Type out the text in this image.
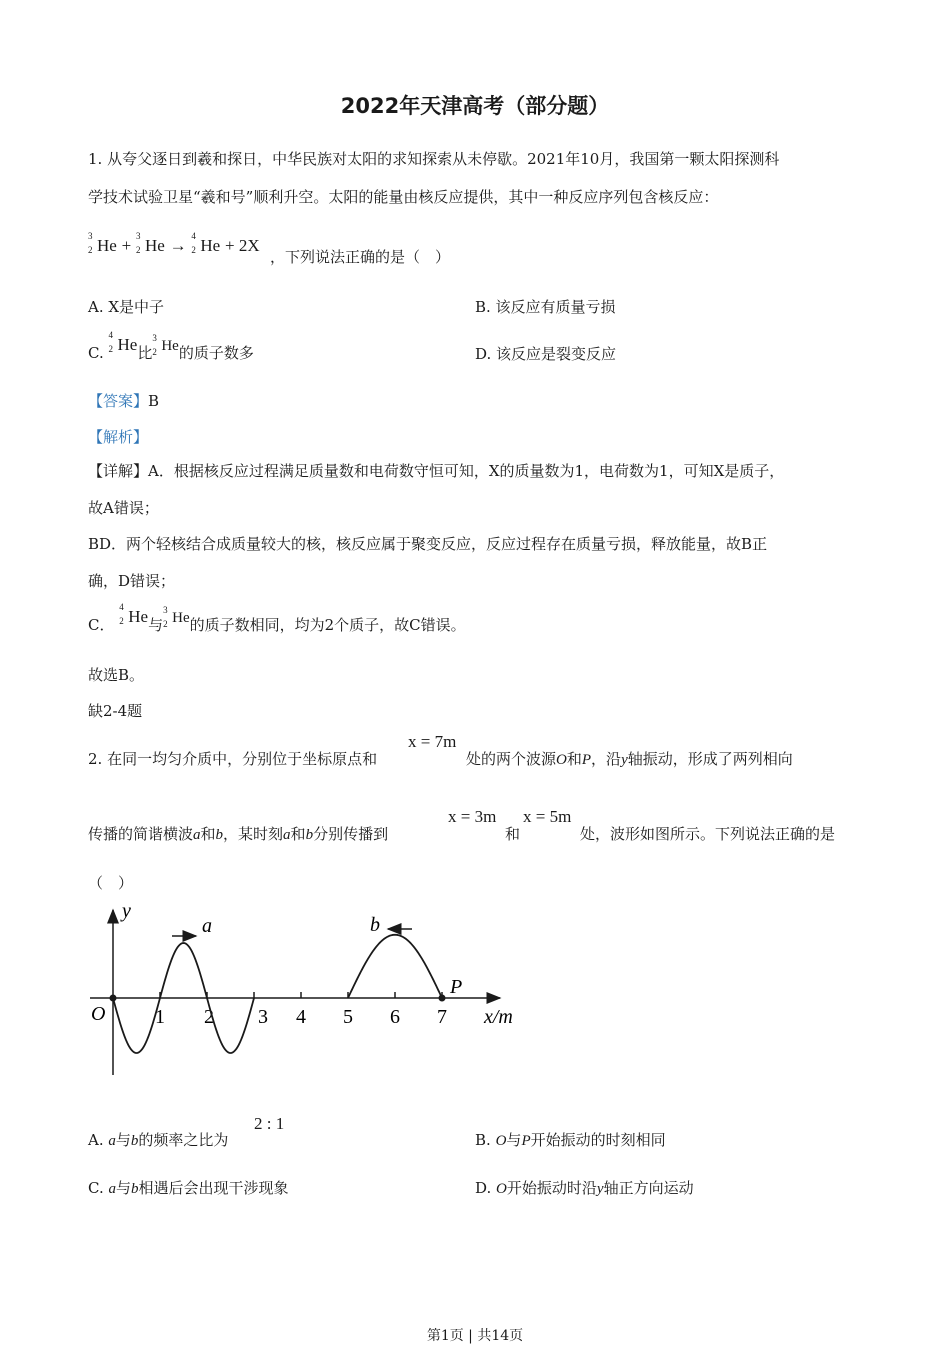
2022年天津高考（部分题）
1. 从夸父逐日到羲和探日，中华民族对太阳的求知探索从未停歇。2021年10月，我国第一颗太阳探测科
学技术试验卫星“羲和号”顺利升空。太阳的能量由核反应提供，其中一种反应序列包含核反应：
3
2 He + 3
2 He → 4
2 He + 2X
，下列说法正确的是（　）
A. X是中子	B. 该反应有质量亏损
C.
4
2 He比
3
2 He的质子数多	D. 该反应是裂变反应
【答案】B
【解析】
【详解】A．根据核反应过程满足质量数和电荷数守恒可知，X的质量数为1，电荷数为1，可知X是质子，
故A错误；
BD．两个轻核结合成质量较大的核，核反应属于聚变反应，反应过程存在质量亏损，释放能量，故B正
确，D错误；
C．
4
2 He与
3
2 He的质子数相同，均为2个质子，故C错误。
故选B。
缺2-4题
2. 在同一均匀介质中，分别位于坐标原点和
x = 7m
处的两个波源O和P，沿y轴振动，形成了两列相向
传播的简谐横波a和b，某时刻a和b分别传播到
x = 3m
和
x = 5m
处，波形如图所示。下列说法正确的是
（　）
y
O 1 2 3 4 5 6 7
a	b
P
x/m
A. a与b的频率之比为
2 : 1
B. O与P开始振动的时刻相同
C. a与b相遇后会出现干涉现象	D. O开始振动时沿y轴正方向运动
第1页 | 共14页
